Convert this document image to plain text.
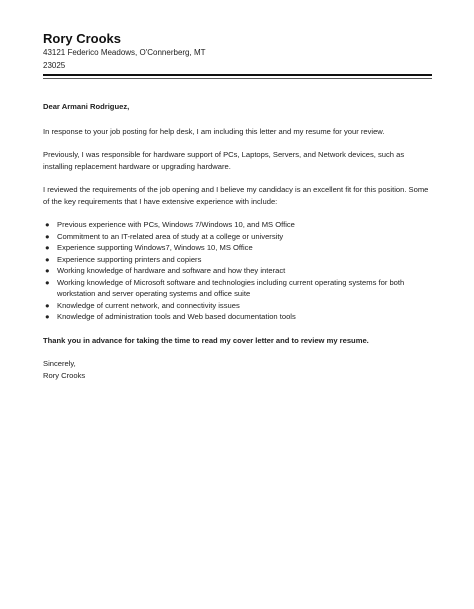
Rory Crooks
43121 Federico Meadows, O'Connerberg, MT
23025

Dear Armani Rodriguez,

In response to your job posting for help desk, I am including this letter and my resume for your review.

Previously, I was responsible for hardware support of PCs, Laptops, Servers, and Network devices, such as installing replacement hardware or upgrading hardware.

I reviewed the requirements of the job opening and I believe my candidacy is an excellent fit for this position. Some of the key requirements that I have extensive experience with include:

● Previous experience with PCs, Windows 7/Windows 10, and MS Office
● Commitment to an IT-related area of study at a college or university
● Experience supporting Windows7, Windows 10, MS Office
● Experience supporting printers and copiers
● Working knowledge of hardware and software and how they interact
● Working knowledge of Microsoft software and technologies including current operating systems for both workstation and server operating systems and office suite
● Knowledge of current network, and connectivity issues
● Knowledge of administration tools and Web based documentation tools

Thank you in advance for taking the time to read my cover letter and to review my resume.

Sincerely,

Rory Crooks
